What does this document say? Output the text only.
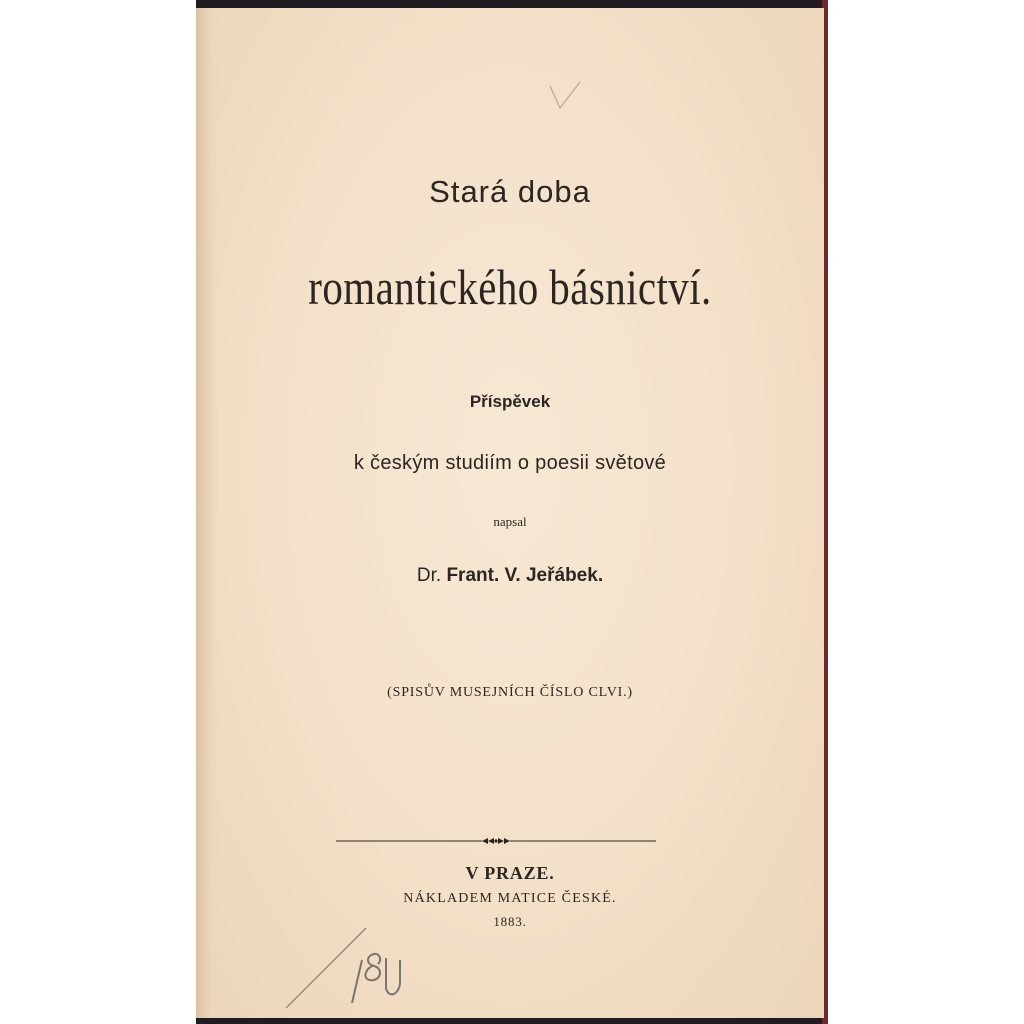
Stará doba
romantického básnictví.
Příspěvek
k českým studiím o poesii světové
napsal
Dr. Frant. V. Jeřábek.
(SPISŮV MUSEJNÍCH ČÍSLO CLVI.)
V PRAZE.
NÁKLADEM MATICE ČESKÉ.
1883.
